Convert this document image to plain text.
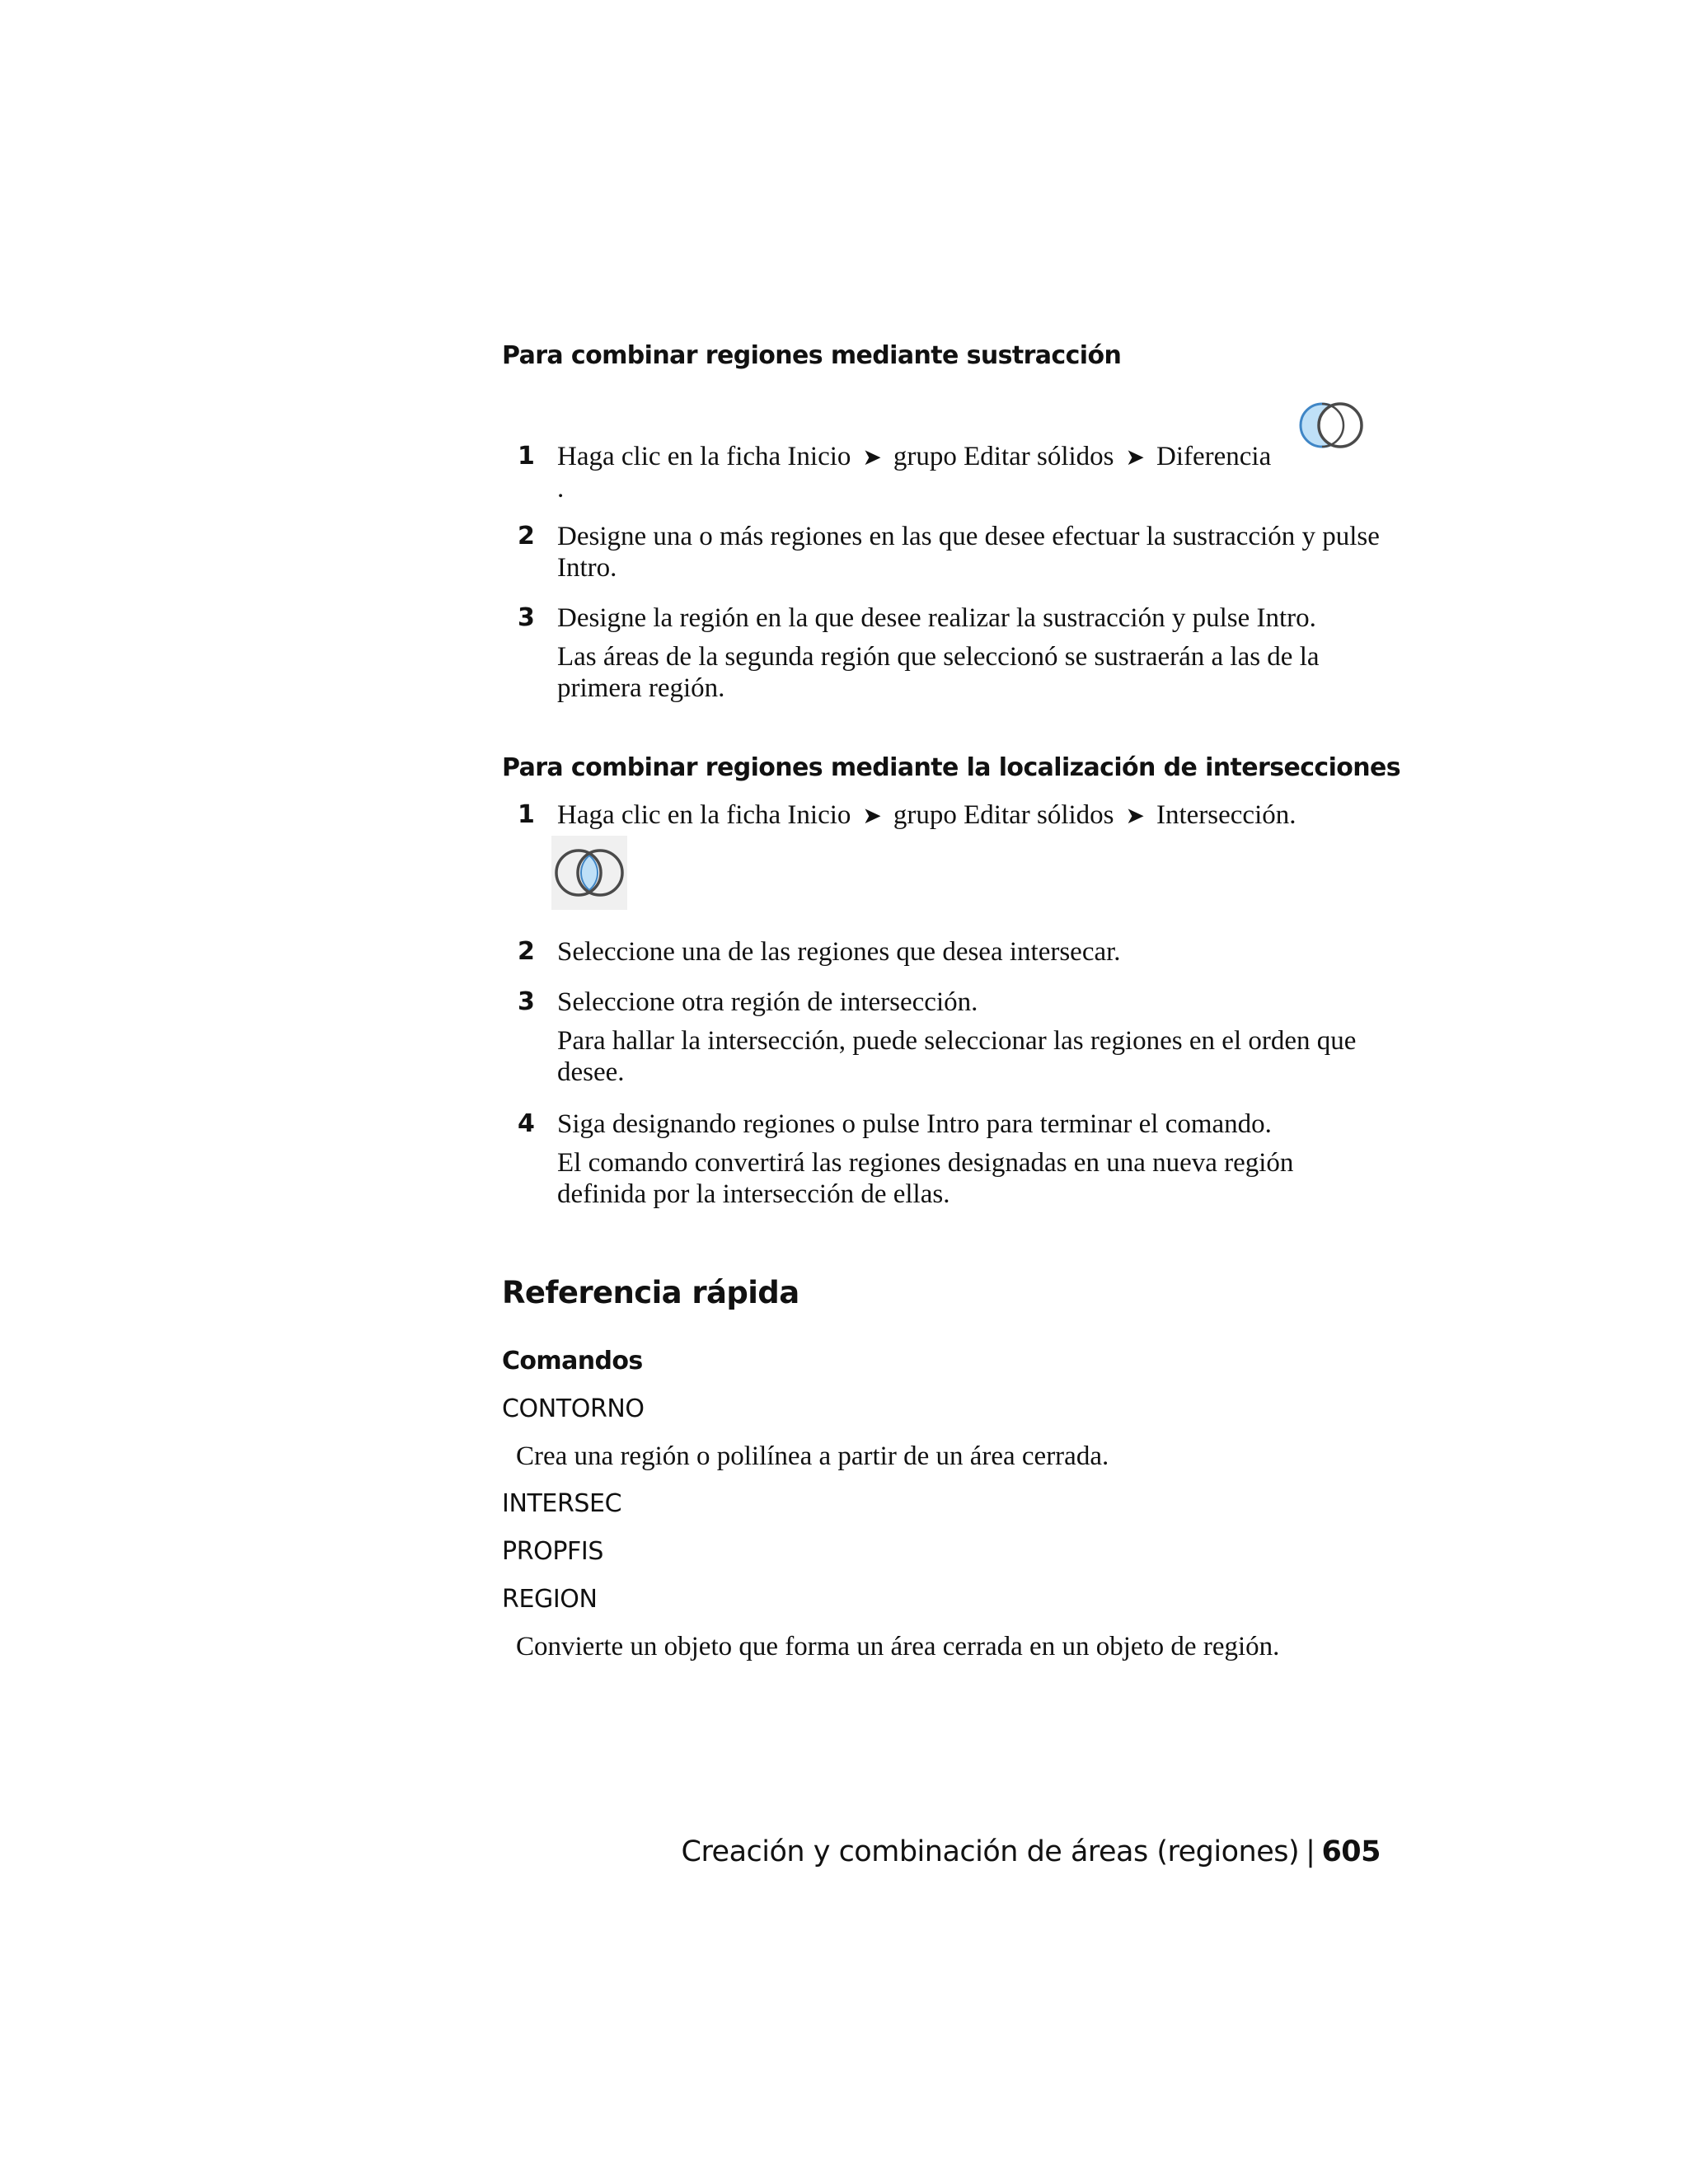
Para combinar regiones mediante sustracción
1 Haga clic en la ficha Inicio ➤ grupo Editar sólidos ➤ Diferencia
.
2 Designe una o más regiones en las que desee efectuar la sustracción y pulse Intro.
3 Designe la región en la que desee realizar la sustracción y pulse Intro.
Las áreas de la segunda región que seleccionó se sustraerán a las de la primera región.
Para combinar regiones mediante la localización de intersecciones
1 Haga clic en la ficha Inicio ➤ grupo Editar sólidos ➤ Intersección.
2 Seleccione una de las regiones que desea intersecar.
3 Seleccione otra región de intersección.
Para hallar la intersección, puede seleccionar las regiones en el orden que desee.
4 Siga designando regiones o pulse Intro para terminar el comando.
El comando convertirá las regiones designadas en una nueva región definida por la intersección de ellas.
Referencia rápida
Comandos
CONTORNO
Crea una región o polilínea a partir de un área cerrada.
INTERSEC
PROPFIS
REGION
Convierte un objeto que forma un área cerrada en un objeto de región.
Creación y combinación de áreas (regiones) | 605
